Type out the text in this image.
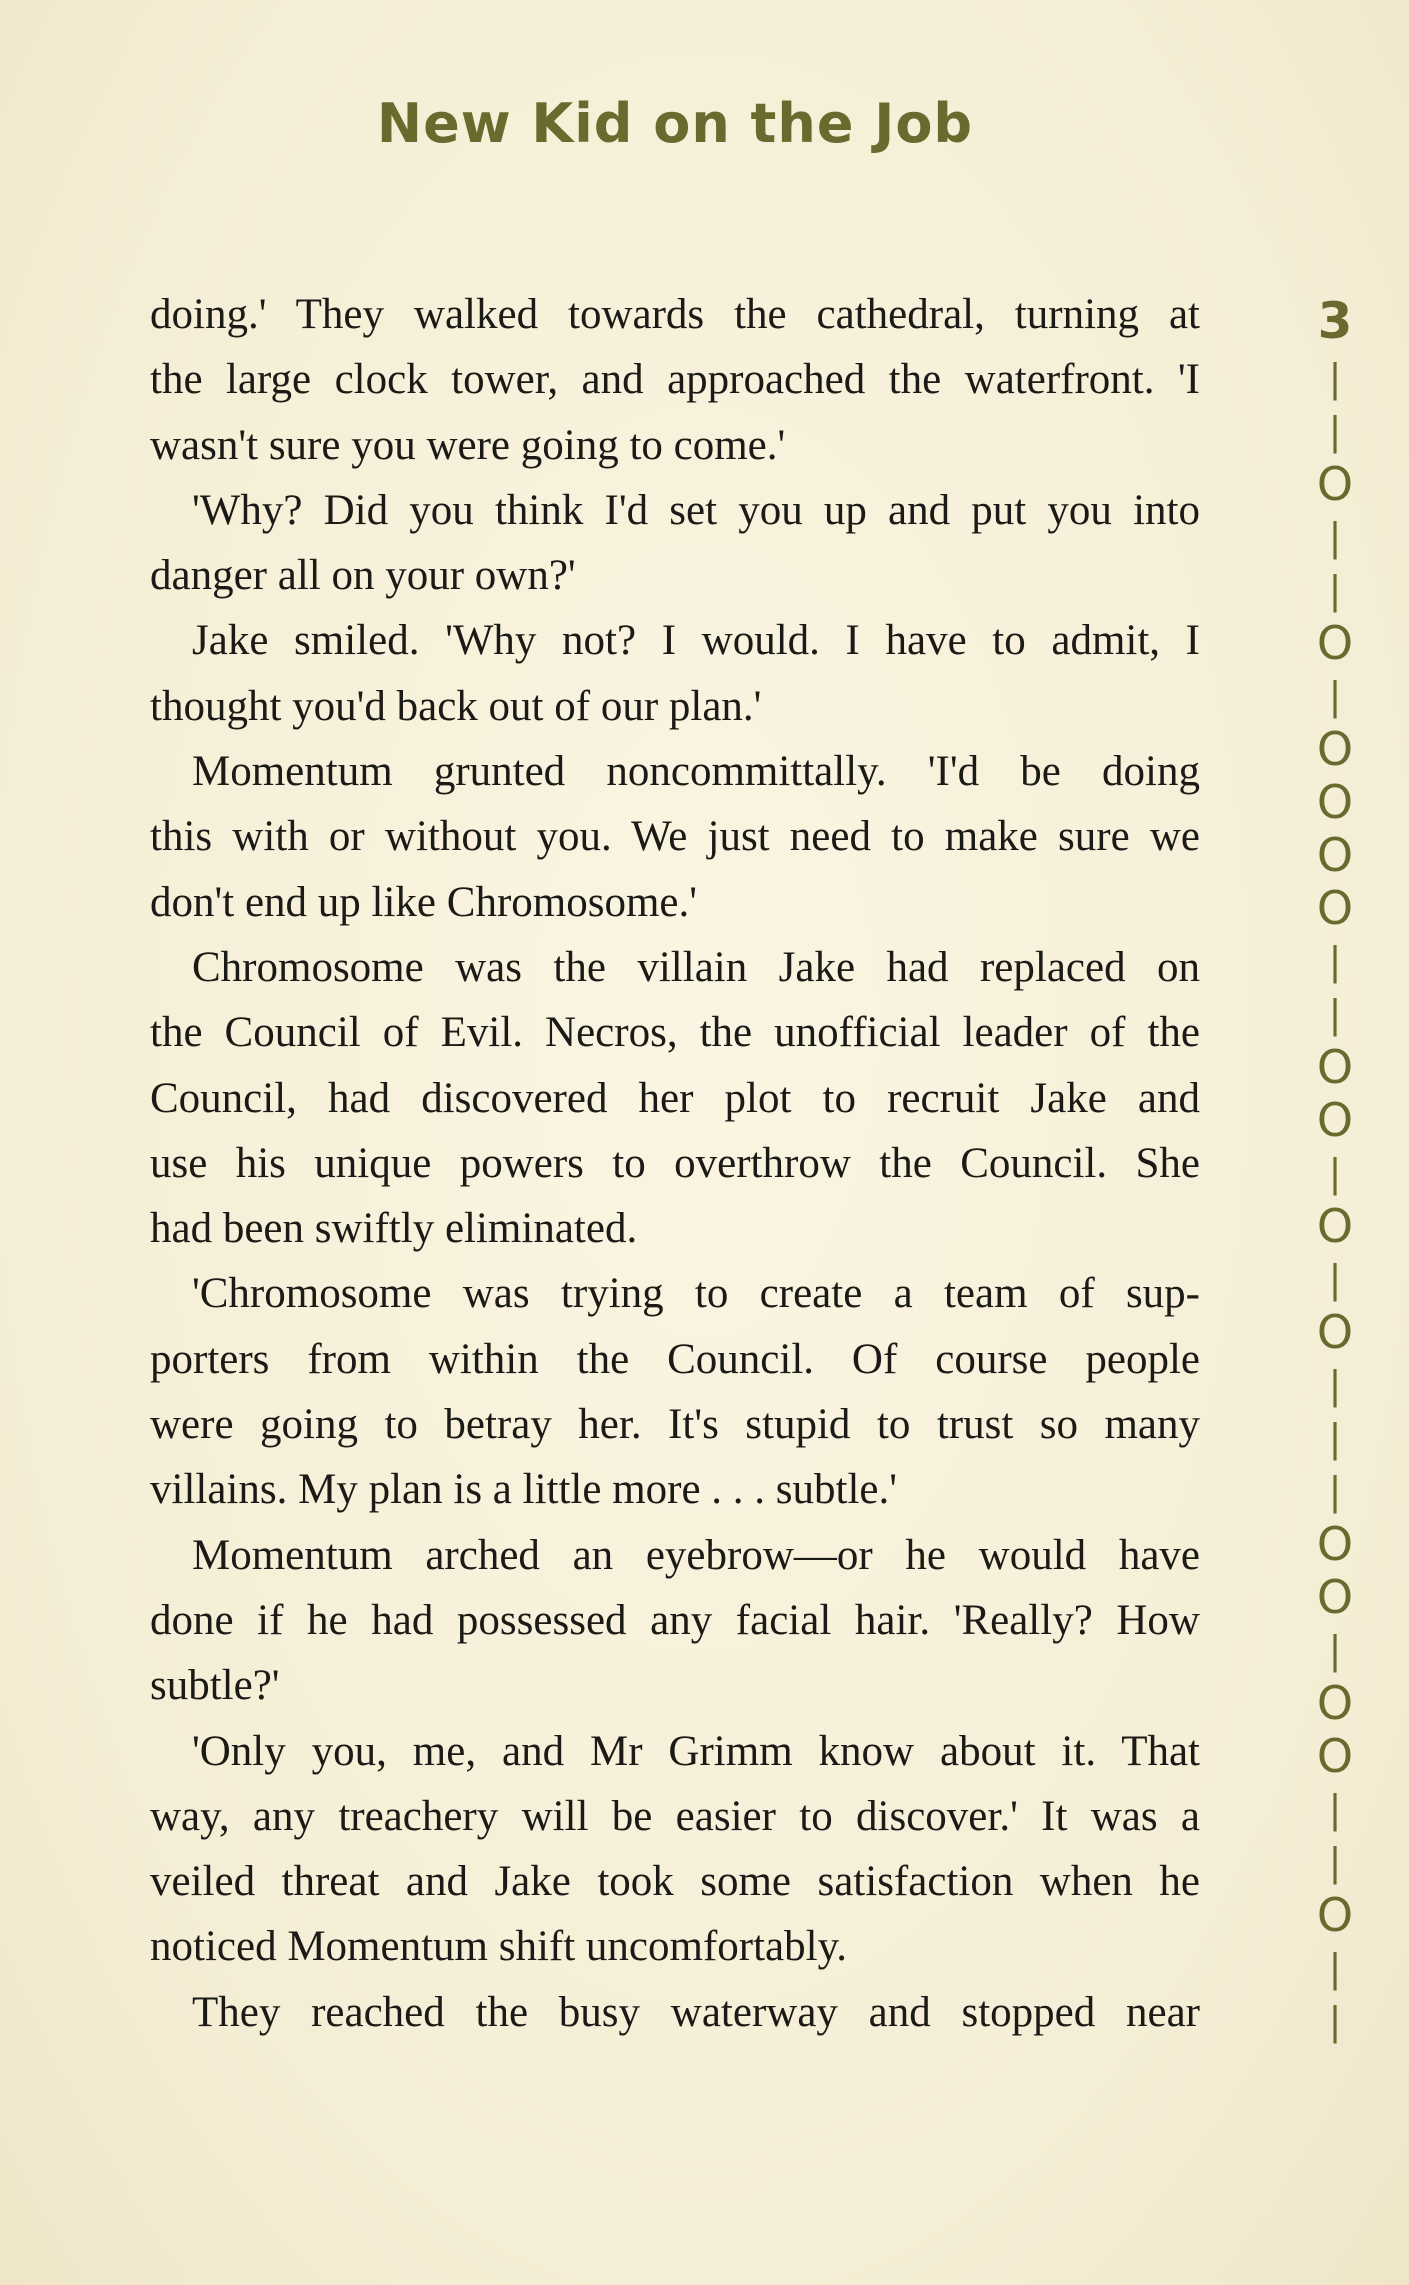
New Kid on the Job
doing.' They walked towards the cathedral, turning at
the large clock tower, and approached the waterfront. 'I
wasn't sure you were going to come.'
'Why? Did you think I'd set you up and put you into
danger all on your own?'
Jake smiled. 'Why not? I would. I have to admit, I
thought you'd back out of our plan.'
Momentum grunted noncommittally. 'I'd be doing
this with or without you. We just need to make sure we
don't end up like Chromosome.'
Chromosome was the villain Jake had replaced on
the Council of Evil. Necros, the unofficial leader of the
Council, had discovered her plot to recruit Jake and
use his unique powers to overthrow the Council. She
had been swiftly eliminated.
'Chromosome was trying to create a team of sup-
porters from within the Council. Of course people
were going to betray her. It's stupid to trust so many
villains. My plan is a little more . . . subtle.'
Momentum arched an eyebrow—or he would have
done if he had possessed any facial hair. 'Really? How
subtle?'
'Only you, me, and Mr Grimm know about it. That
way, any treachery will be easier to discover.' It was a
veiled threat and Jake took some satisfaction when he
noticed Momentum shift uncomfortably.
They reached the busy waterway and stopped near
3
|
|
O
|
|
O
|
O
O
O
O
|
|
O
O
|
O
|
O
|
|
|
O
O
|
O
O
|
|
O
|
|
